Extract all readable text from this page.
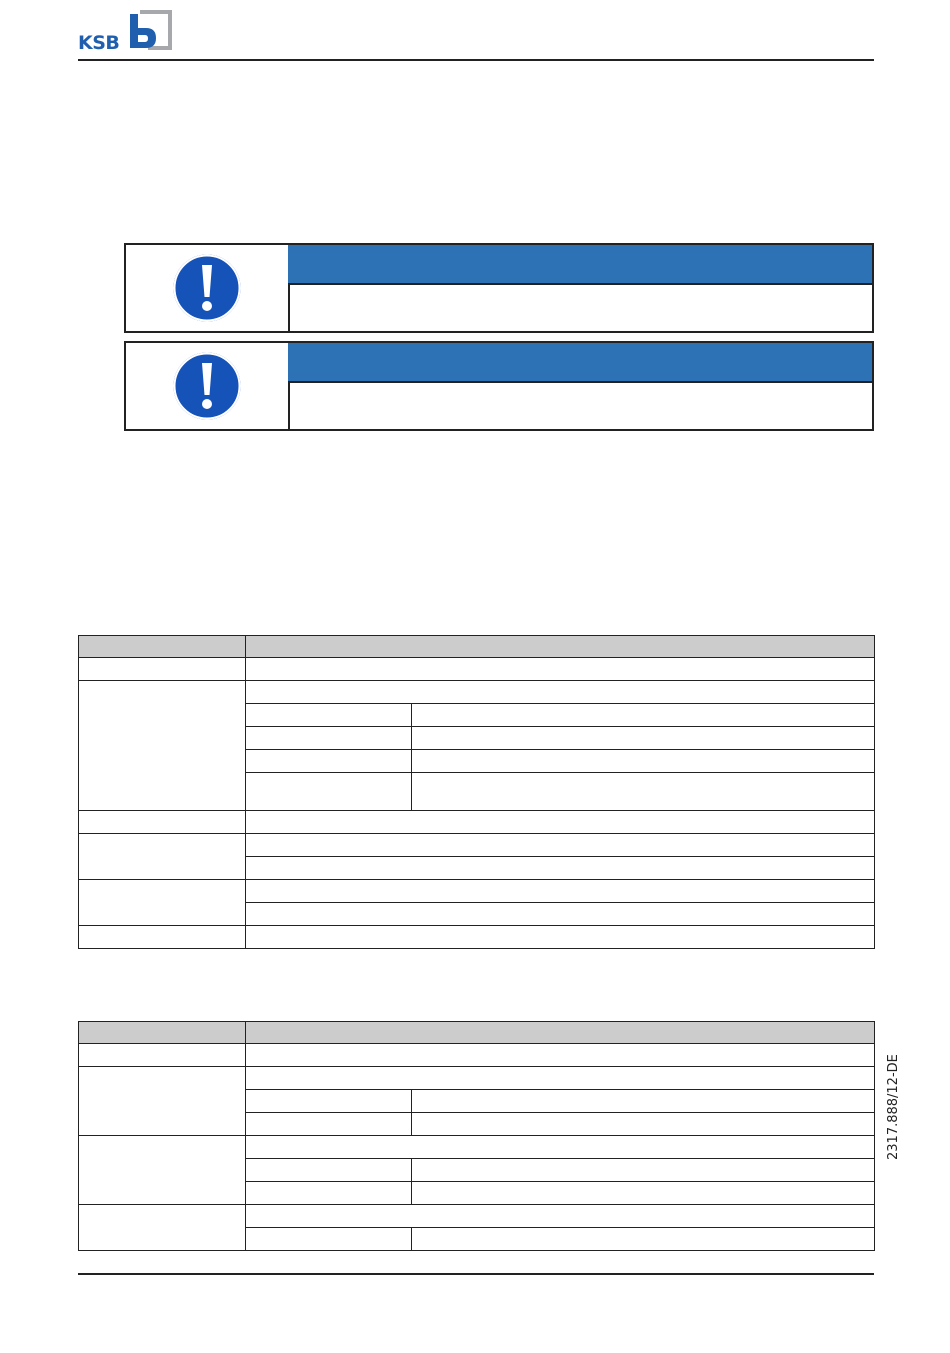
KSB

2317.888/12-DE
